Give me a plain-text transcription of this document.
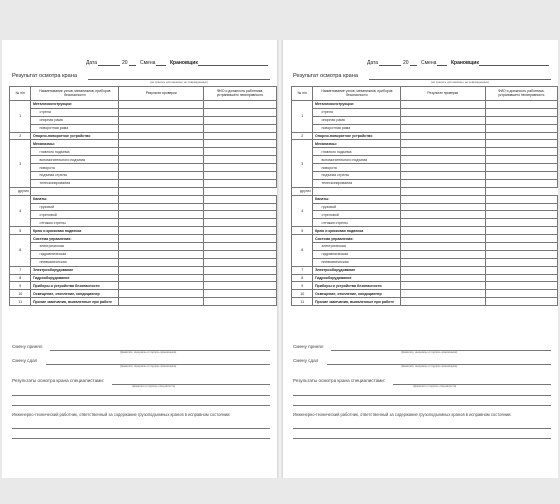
Дата	20 Смена	Крановщик
Результат осмотра крана
(не хранить для машины, не поврежденных)
№ п/п	Наименование узлов, механизмов, приборов безопасности	Результат проверки	ФИО и должность работника, устранившего неисправность
1	Металлоконструкции:		
	стрела		
	опорная рама		
	поворотная рама		
2	Опорно-поворотное устройство		
3	Механизмы:		
	главного подъема		
	вспомогательного подъема		
	поворота		
	подъема стрелы		
	телескопирования		
других			
4	Канаты:		
	грузовой		
	стреловой		
	оттяжки стрелы		
5	Крюк и крюковая подвеска		
6	Система управления:		
	электрическая		
	гидравлическая		
	пневматическая		
7	Электрооборудование		
8	Гидрооборудование		
9	Приборы и устройства безопасности		
10	Освещение, отопление, кондиционер		
11	Прочие замечания, выявленные при работе		
Смену принял
(фамилия, инициалы и подпись крановщика)
Смену сдал
(фамилия, инициалы и подпись крановщика)
Результаты осмотра крана специалистами:
(фамилия и подпись специалиста)
Инженерно-технический работник, ответственный за содержание грузоподъемных кранов в исправном состоянии:
Дата	20 Смена	Крановщик
Результат осмотра крана
(не хранить для машины, не поврежденных)
№ п/п	Наименование узлов, механизмов, приборов безопасности	Результат проверки	ФИО и должность работника, устранившего неисправность
1	Металлоконструкции:		
	стрела		
	опорная рама		
	поворотная рама		
2	Опорно-поворотное устройство		
3	Механизмы:		
	главного подъема		
	вспомогательного подъема		
	поворота		
	подъема стрелы		
	телескопирования		
других			
4	Канаты:		
	грузовой		
	стреловой		
	оттяжки стрелы		
5	Крюк и крюковая подвеска		
6	Система управления:		
	электрическая		
	гидравлическая		
	пневматическая		
7	Электрооборудование		
8	Гидрооборудование		
9	Приборы и устройства безопасности		
10	Освещение, отопление, кондиционер		
11	Прочие замечания, выявленные при работе		
Смену принял
(фамилия, инициалы и подпись крановщика)
Смену сдал
(фамилия, инициалы и подпись крановщика)
Результаты осмотра крана специалистами:
(фамилия и подпись специалиста)
Инженерно-технический работник, ответственный за содержание грузоподъемных кранов в исправном состоянии:
